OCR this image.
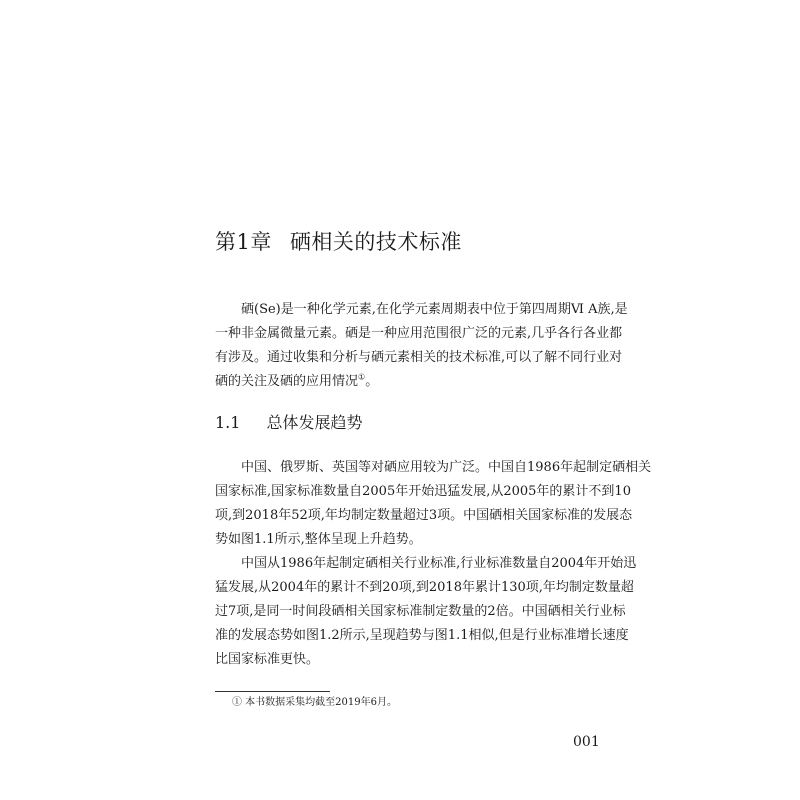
第1章 硒相关的技术标准
硒(Se)是一种化学元素,在化学元素周期表中位于第四周期Ⅵ A族,是
一种非金属微量元素。硒是一种应用范围很广泛的元素,几乎各行各业都
有涉及。通过收集和分析与硒元素相关的技术标准,可以了解不同行业对
硒的关注及硒的应用情况①。
1.1 总体发展趋势
中国、俄罗斯、英国等对硒应用较为广泛。中国自1986年起制定硒相关
国家标准,国家标准数量自2005年开始迅猛发展,从2005年的累计不到10
项,到2018年52项,年均制定数量超过3项。中国硒相关国家标准的发展态
势如图1.1所示,整体呈现上升趋势。
中国从1986年起制定硒相关行业标准,行业标准数量自2004年开始迅
猛发展,从2004年的累计不到20项,到2018年累计130项,年均制定数量超
过7项,是同一时间段硒相关国家标准制定数量的2倍。中国硒相关行业标
准的发展态势如图1.2所示,呈现趋势与图1.1相似,但是行业标准增长速度
比国家标准更快。
① 本书数据采集均截至2019年6月。
001
